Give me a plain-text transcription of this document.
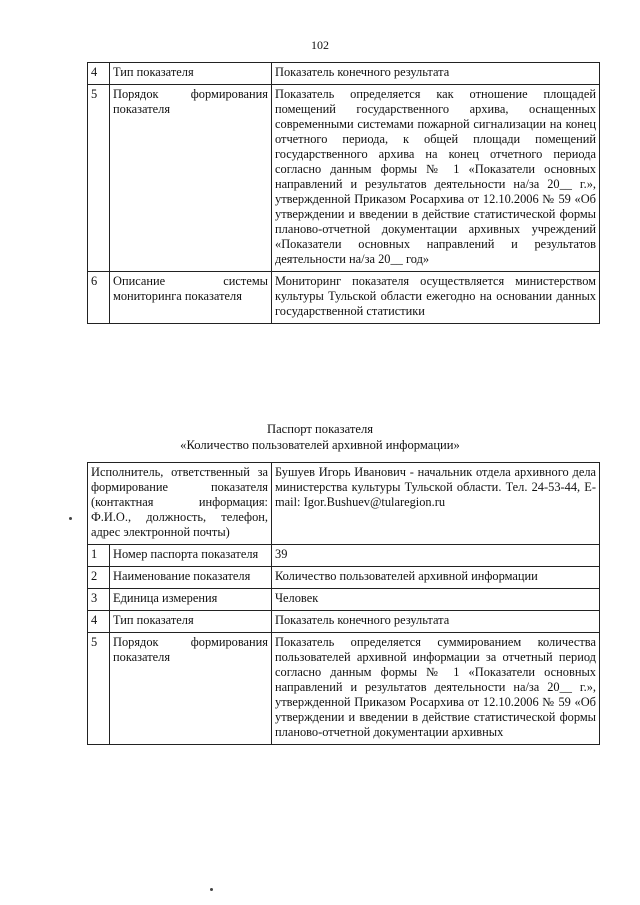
102
4	Тип показателя	Показатель конечного результата
5	Порядок формирования показателя	Показатель определяется как отношение площадей помещений государственного архива, оснащенных современными системами пожарной сигнализации на конец отчетного периода, к общей площади помещений государственного архива на конец отчетного периода согласно данным формы № 1 «Показатели основных направлений и результатов деятельности на/за 20__ г.», утвержденной Приказом Росархива от 12.10.2006 № 59 «Об утверждении и введении в действие статистической формы планово-отчетной документации архивных учреждений «Показатели основных направлений и результатов деятельности на/за 20__ год»
6	Описание системы мониторинга показателя	Мониторинг показателя осуществляется министерством культуры Тульской области ежегодно на основании данных государственной статистики
Паспорт показателя
«Количество пользователей архивной информации»
Исполнитель, ответственный за формирование показателя (контактная информация: Ф.И.О., должность, телефон, адрес электронной почты)		Бушуев Игорь Иванович - начальник отдела архивного дела министерства культуры Тульской области. Тел. 24-53-44, E-mail: Igor.Bushuev@tularegion.ru
1	Номер паспорта показателя	39
2	Наименование показателя	Количество пользователей архивной информации
3	Единица измерения	Человек
4	Тип показателя	Показатель конечного результата
5	Порядок формирования показателя	Показатель определяется суммированием количества пользователей архивной информации за отчетный период согласно данным формы № 1 «Показатели основных направлений и результатов деятельности на/за 20__ г.», утвержденной Приказом Росархива от 12.10.2006 № 59 «Об утверждении и введении в действие статистической формы планово-отчетной документации архивных
